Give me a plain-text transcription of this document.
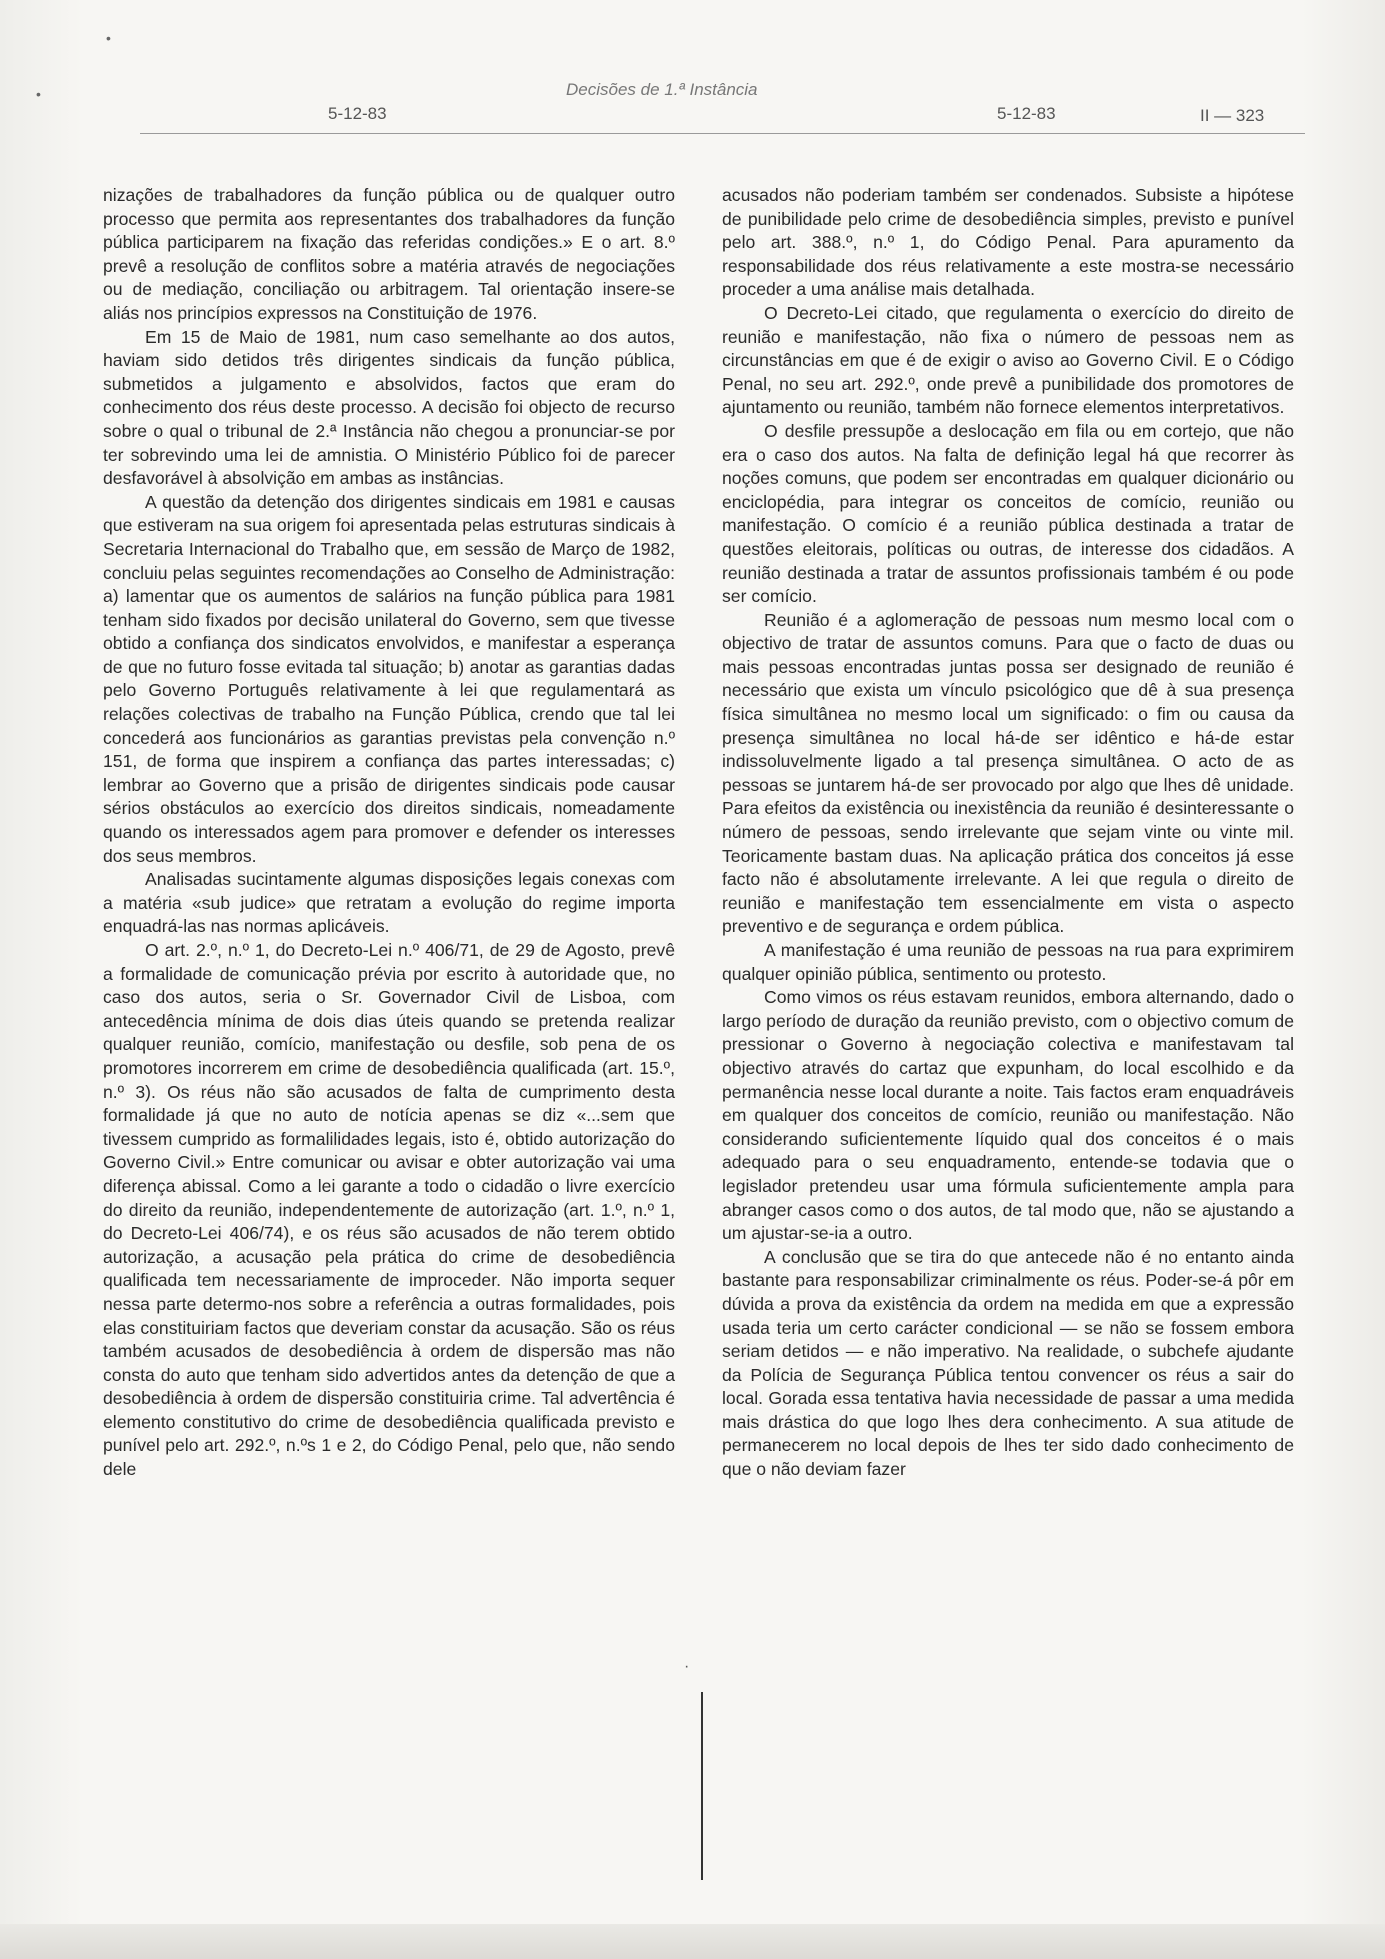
•
•	Decisões de 1.ª Instância
5-12-83	5-12-83	II — 323

nizações de trabalhadores da função pública ou de qualquer outro processo que permita aos representantes dos trabalhadores da função pública participarem na fixação das referidas condições.» E o art. 8.º prevê a resolução de conflitos sobre a matéria através de negociações ou de mediação, conciliação ou arbitragem. Tal orientação insere-se aliás nos princípios expressos na Constituição de 1976.

Em 15 de Maio de 1981, num caso semelhante ao dos autos, haviam sido detidos três dirigentes sindicais da função pública, submetidos a julgamento e absolvidos, factos que eram do conhecimento dos réus deste processo. A decisão foi objecto de recurso sobre o qual o tribunal de 2.ª Instância não chegou a pronunciar-se por ter sobrevindo uma lei de amnistia. O Ministério Público foi de parecer desfavorável à absolvição em ambas as instâncias.

A questão da detenção dos dirigentes sindicais em 1981 e causas que estiveram na sua origem foi apresentada pelas estruturas sindicais à Secretaria Internacional do Trabalho que, em sessão de Março de 1982, concluiu pelas seguintes recomendações ao Conselho de Administração: a) lamentar que os aumentos de salários na função pública para 1981 tenham sido fixados por decisão unilateral do Governo, sem que tivesse obtido a confiança dos sindicatos envolvidos, e manifestar a esperança de que no futuro fosse evitada tal situação; b) anotar as garantias dadas pelo Governo Português relativamente à lei que regulamentará as relações colectivas de trabalho na Função Pública, crendo que tal lei concederá aos funcionários as garantias previstas pela convenção n.º 151, de forma que inspirem a confiança das partes interessadas; c) lembrar ao Governo que a prisão de dirigentes sindicais pode causar sérios obstáculos ao exercício dos direitos sindicais, nomeadamente quando os interessados agem para promover e defender os interesses dos seus membros.

Analisadas sucintamente algumas disposições legais conexas com a matéria «sub judice» que retratam a evolução do regime importa enquadrá-las nas normas aplicáveis.

O art. 2.º, n.º 1, do Decreto-Lei n.º 406/71, de 29 de Agosto, prevê a formalidade de comunicação prévia por escrito à autoridade que, no caso dos autos, seria o Sr. Governador Civil de Lisboa, com antecedência mínima de dois dias úteis quando se pretenda realizar qualquer reunião, comício, manifestação ou desfile, sob pena de os promotores incorrerem em crime de desobediência qualificada (art. 15.º, n.º 3). Os réus não são acusados de falta de cumprimento desta formalidade já que no auto de notícia apenas se diz «...sem que tivessem cumprido as formalilidades legais, isto é, obtido autorização do Governo Civil.» Entre comunicar ou avisar e obter autorização vai uma diferença abissal. Como a lei garante a todo o cidadão o livre exercício do direito da reunião, independentemente de autorização (art. 1.º, n.º 1, do Decreto-Lei 406/74), e os réus são acusados de não terem obtido autorização, a acusação pela prática do crime de desobediência qualificada tem necessariamente de improceder. Não importa sequer nessa parte determo-nos sobre a referência a outras formalidades, pois elas constituiriam factos que deveriam constar da acusação. São os réus também acusados de desobediência à ordem de dispersão mas não consta do auto que tenham sido advertidos antes da detenção de que a desobediência à ordem de dispersão constituiria crime. Tal advertência é elemento constitutivo do crime de desobediência qualificada previsto e punível pelo art. 292.º, n.ºs 1 e 2, do Código Penal, pelo que, não sendo dele

acusados não poderiam também ser condenados. Subsiste a hipótese de punibilidade pelo crime de desobediência simples, previsto e punível pelo art. 388.º, n.º 1, do Código Penal. Para apuramento da responsabilidade dos réus relativamente a este mostra-se necessário proceder a uma análise mais detalhada.

O Decreto-Lei citado, que regulamenta o exercício do direito de reunião e manifestação, não fixa o número de pessoas nem as circunstâncias em que é de exigir o aviso ao Governo Civil. E o Código Penal, no seu art. 292.º, onde prevê a punibilidade dos promotores de ajuntamento ou reunião, também não fornece elementos interpretativos.

O desfile pressupõe a deslocação em fila ou em cortejo, que não era o caso dos autos. Na falta de definição legal há que recorrer às noções comuns, que podem ser encontradas em qualquer dicionário ou enciclopédia, para integrar os conceitos de comício, reunião ou manifestação. O comício é a reunião pública destinada a tratar de questões eleitorais, políticas ou outras, de interesse dos cidadãos. A reunião destinada a tratar de assuntos profissionais também é ou pode ser comício.

Reunião é a aglomeração de pessoas num mesmo local com o objectivo de tratar de assuntos comuns. Para que o facto de duas ou mais pessoas encontradas juntas possa ser designado de reunião é necessário que exista um vínculo psicológico que dê à sua presença física simultânea no mesmo local um significado: o fim ou causa da presença simultânea no local há-de ser idêntico e há-de estar indissoluvelmente ligado a tal presença simultânea. O acto de as pessoas se juntarem há-de ser provocado por algo que lhes dê unidade. Para efeitos da existência ou inexistência da reunião é desinteressante o número de pessoas, sendo irrelevante que sejam vinte ou vinte mil. Teoricamente bastam duas. Na aplicação prática dos conceitos já esse facto não é absolutamente irrelevante. A lei que regula o direito de reunião e manifestação tem essencialmente em vista o aspecto preventivo e de segurança e ordem pública.

A manifestação é uma reunião de pessoas na rua para exprimirem qualquer opinião pública, sentimento ou protesto.

Como vimos os réus estavam reunidos, embora alternando, dado o largo período de duração da reunião previsto, com o objectivo comum de pressionar o Governo à negociação colectiva e manifestavam tal objectivo através do cartaz que expunham, do local escolhido e da permanência nesse local durante a noite. Tais factos eram enquadráveis em qualquer dos conceitos de comício, reunião ou manifestação. Não considerando suficientemente líquido qual dos conceitos é o mais adequado para o seu enquadramento, entende-se todavia que o legislador pretendeu usar uma fórmula suficientemente ampla para abranger casos como o dos autos, de tal modo que, não se ajustando a um ajustar-se-ia a outro.

A conclusão que se tira do que antecede não é no entanto ainda bastante para responsabilizar criminalmente os réus. Poder-se-á pôr em dúvida a prova da existência da ordem na medida em que a expressão usada teria um certo carácter condicional — se não se fossem embora seriam detidos — e não imperativo. Na realidade, o subchefe ajudante da Polícia de Segurança Pública tentou convencer os réus a sair do local. Gorada essa tentativa havia necessidade de passar a uma medida mais drástica do que logo lhes dera conhecimento. A sua atitude de permanecerem no local depois de lhes ter sido dado conhecimento de que o não deviam fazer

·
